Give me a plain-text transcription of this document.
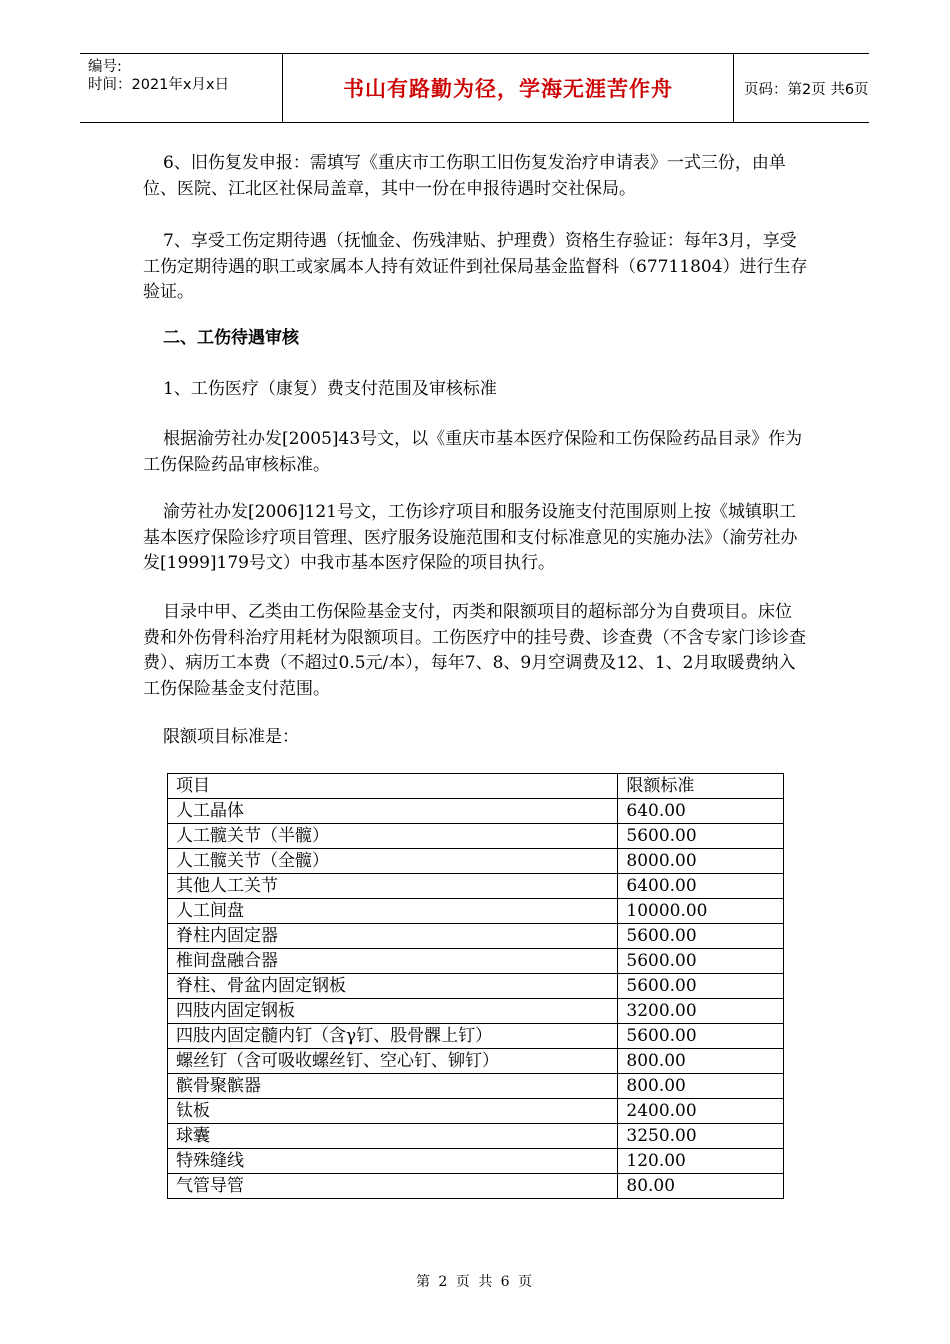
编号:
时间：2021年x月x日	书山有路勤为径，学海无涯苦作舟	页码：第2页 共6页

6、旧伤复发申报：需填写《重庆市工伤职工旧伤复发治疗申请表》一式三份，由单位、医院、江北区社保局盖章，其中一份在申报待遇时交社保局。

7、享受工伤定期待遇（抚恤金、伤残津贴、护理费）资格生存验证：每年3月，享受工伤定期待遇的职工或家属本人持有效证件到社保局基金监督科（67711804）进行生存验证。

二、工伤待遇审核

1、工伤医疗（康复）费支付范围及审核标准

根据渝劳社办发[2005]43号文，以《重庆市基本医疗保险和工伤保险药品目录》作为工伤保险药品审核标准。

渝劳社办发[2006]121号文，工伤诊疗项目和服务设施支付范围原则上按《城镇职工基本医疗保险诊疗项目管理、医疗服务设施范围和支付标准意见的实施办法》（渝劳社办发[1999]179号文）中我市基本医疗保险的项目执行。

目录中甲、乙类由工伤保险基金支付，丙类和限额项目的超标部分为自费项目。床位费和外伤骨科治疗用耗材为限额项目。工伤医疗中的挂号费、诊查费（不含专家门诊诊查费）、病历工本费（不超过0.5元/本），每年7、8、9月空调费及12、1、2月取暖费纳入工伤保险基金支付范围。

限额项目标准是：

项目	限额标准
人工晶体	640.00
人工髋关节（半髋）	5600.00
人工髋关节（全髋）	8000.00
其他人工关节	6400.00
人工间盘	10000.00
脊柱内固定器	5600.00
椎间盘融合器	5600.00
脊柱、骨盆内固定钢板	5600.00
四肢内固定钢板	3200.00
四肢内固定髓内钉（含γ钉、股骨髁上钉）	5600.00
螺丝钉（含可吸收螺丝钉、空心钉、铆钉）	800.00
髌骨聚髌器	800.00
钛板	2400.00
球囊	3250.00
特殊缝线	120.00
气管导管	80.00
第 2 页 共 6 页
